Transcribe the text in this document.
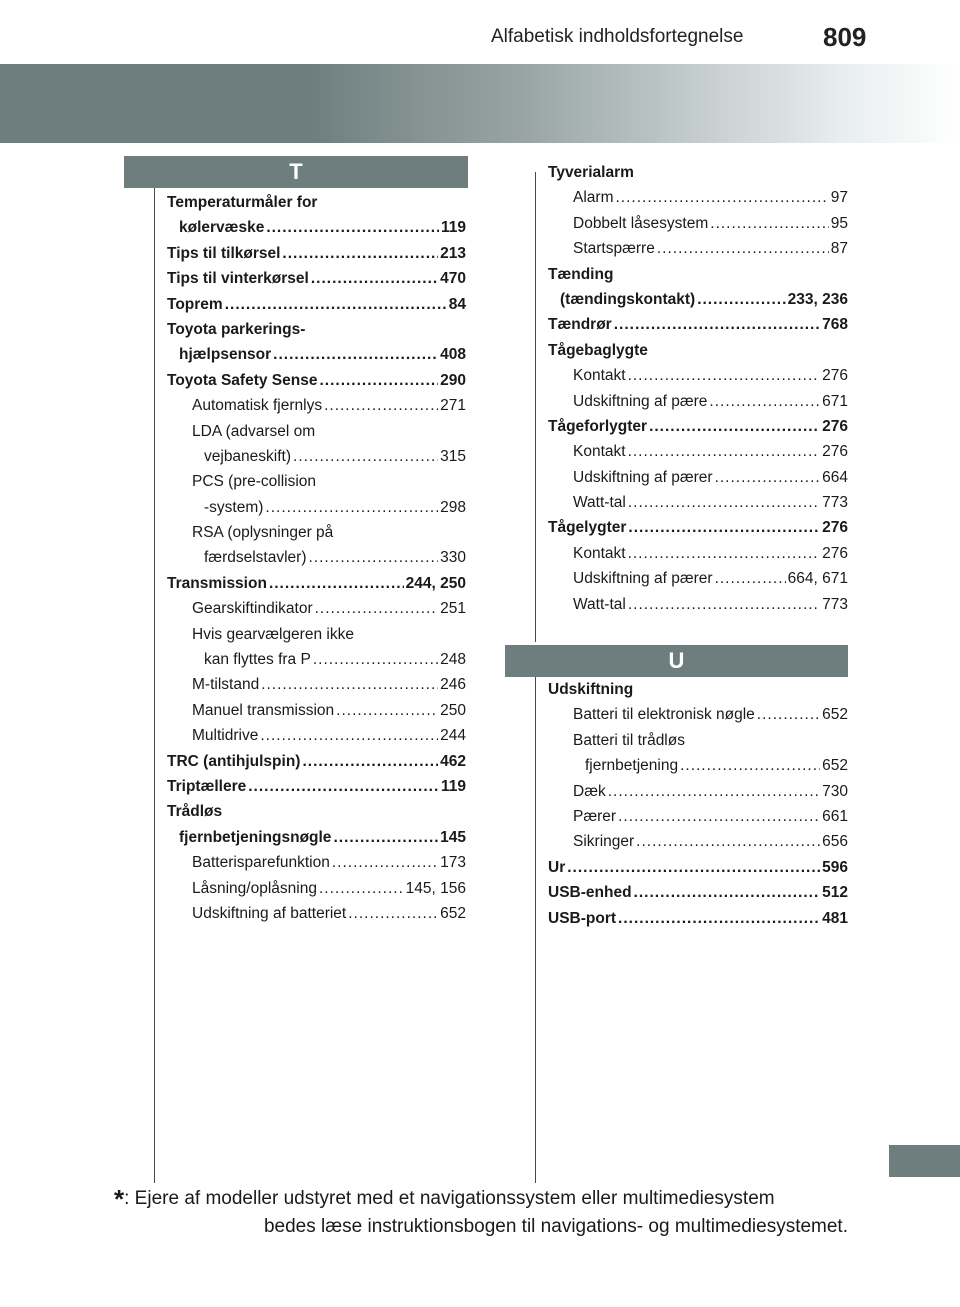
Alfabetisk indholdsfortegnelse	809
T
Temperaturmåler for
kølervæske .....	119
Tips til tilkørsel .....	213
Tips til vinterkørsel .....	470
Toprem .....	84
Toyota parkerings-
hjælpsensor .....	408
Toyota Safety Sense .....	290
Automatisk fjernlys .....	271
LDA (advarsel om
vejbaneskift) .....	315
PCS (pre-collision
-system) .....	298
RSA (oplysninger på
færdselstavler) .....	330
Transmission .....	244, 250
Gearskiftindikator .....	251
Hvis gearvælgeren ikke
kan flyttes fra P .....	248
M-tilstand .....	246
Manuel transmission .....	250
Multidrive .....	244
TRC (antihjulspin) .....	462
Triptællere .....	119
Trådløs
fjernbetjeningsnøgle .....	145
Batterisparefunktion .....	173
Låsning/oplåsning .....	145, 156
Udskiftning af batteriet .....	652
Tyverialarm
Alarm .....	97
Dobbelt låsesystem .....	95
Startspærre .....	87
Tænding
(tændingskontakt) .....	233, 236
Tændrør .....	768
Tågebaglygte
Kontakt .....	276
Udskiftning af pære .....	671
Tågeforlygter .....	276
Kontakt .....	276
Udskiftning af pærer .....	664
Watt-tal .....	773
Tågelygter .....	276
Kontakt .....	276
Udskiftning af pærer .....	664, 671
Watt-tal .....	773
U
Udskiftning
Batteri til elektronisk nøgle .....	652
Batteri til trådløs
fjernbetjening .....	652
Dæk .....	730
Pærer .....	661
Sikringer .....	656
Ur .....	596
USB-enhed .....	512
USB-port .....	481
*: Ejere af modeller udstyret med et navigationssystem eller multimediesystem
bedes læse instruktionsbogen til navigations- og multimediesystemet.
